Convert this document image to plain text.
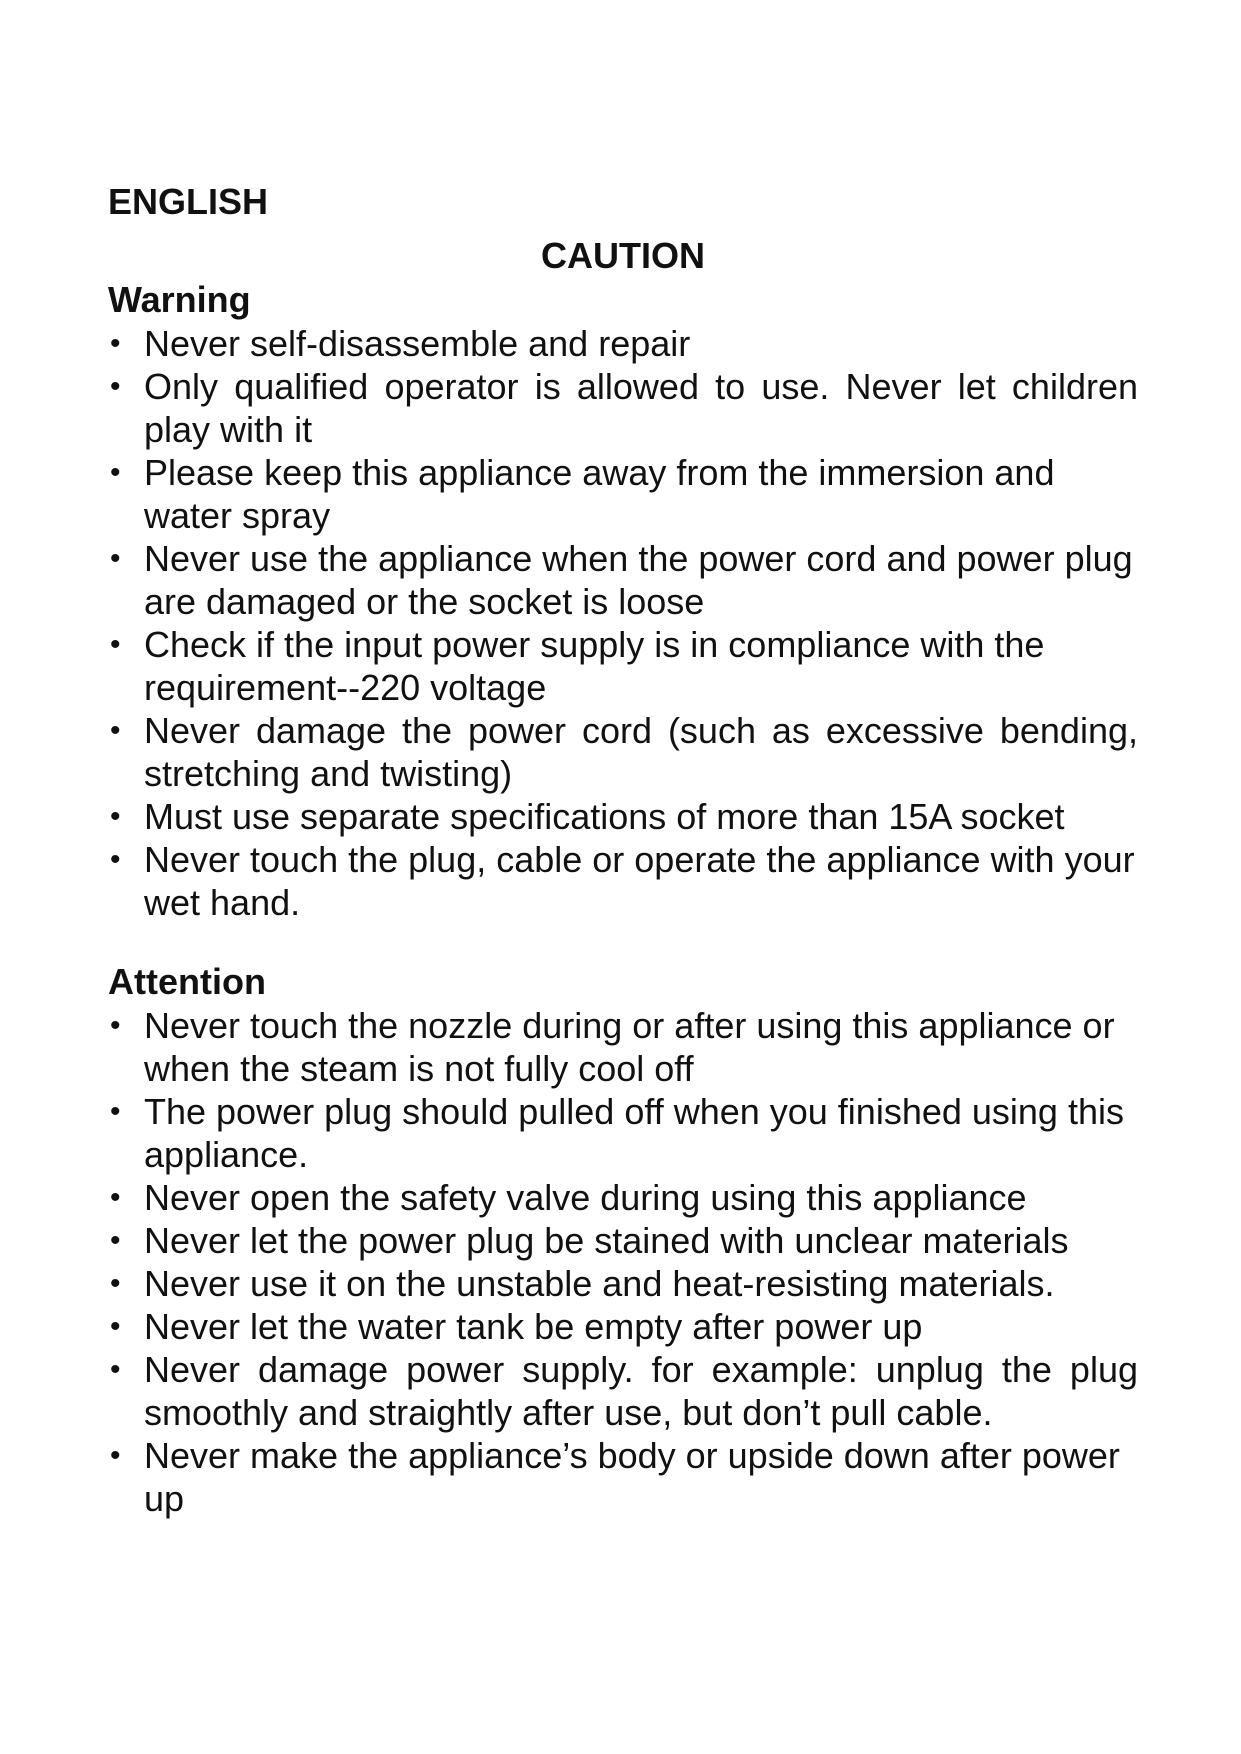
ENGLISH

CAUTION

Warning

• Never self-disassemble and repair
• Only qualified operator is allowed to use. Never let children play with it
• Please keep this appliance away from the immersion and water spray
• Never use the appliance when the power cord and power plug are damaged or the socket is loose
• Check if the input power supply is in compliance with the requirement--220 voltage
• Never damage the power cord (such as excessive bending, stretching and twisting)
• Must use separate specifications of more than 15A socket
• Never touch the plug, cable or operate the appliance with your wet hand.

Attention

• Never touch the nozzle during or after using this appliance or when the steam is not fully cool off
• The power plug should pulled off when you finished using this appliance.
• Never open the safety valve during using this appliance
• Never let the power plug be stained with unclear materials
• Never use it on the unstable and heat-resisting materials.
• Never let the water tank be empty after power up
• Never damage power supply. for example: unplug the plug smoothly and straightly after use, but don’t pull cable.
• Never make the appliance’s body or upside down after power up
